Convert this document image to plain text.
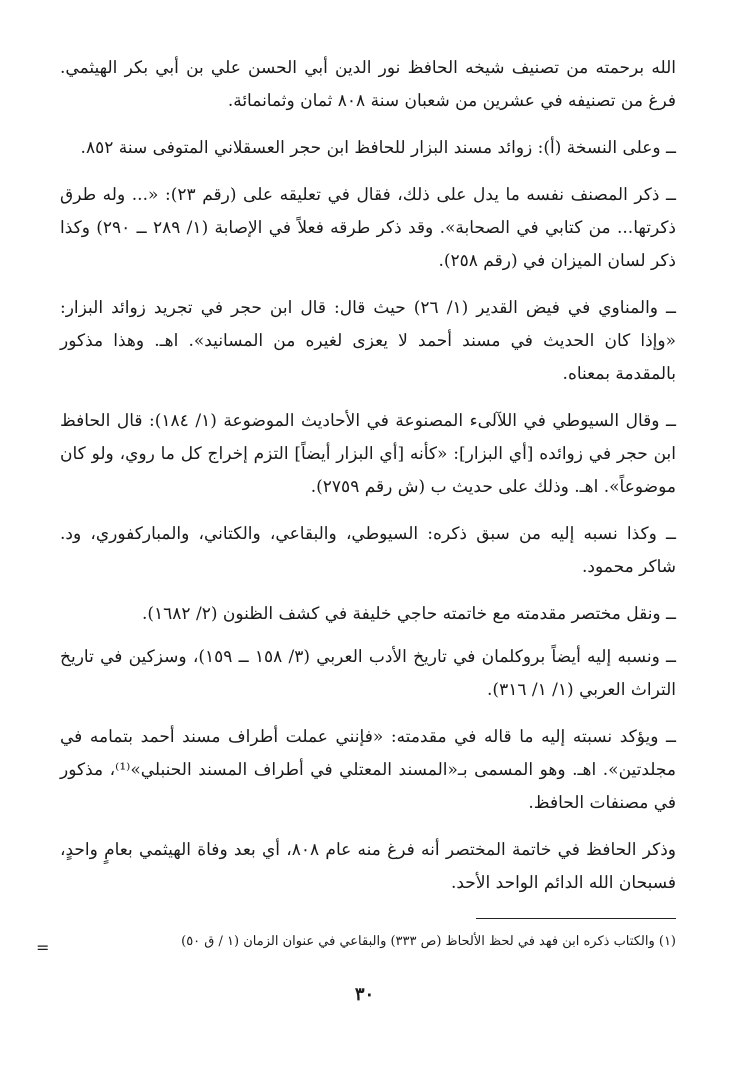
الله برحمته من تصنيف شيخه الحافظ نور الدين أبي الحسن علي بن أبي بكر الهيثمي. فرغ من تصنيفه في عشرين من شعبان سنة ٨٠٨ ثمان وثمانمائة.

ــ وعلى النسخة (أ): زوائد مسند البزار للحافظ ابن حجر العسقلاني المتوفى سنة ٨٥٢.

ــ ذكر المصنف نفسه ما يدل على ذلك، فقال في تعليقه على (رقم ٢٣): «... وله طرق ذكرتها... من كتابي في الصحابة». وقد ذكر طرقه فعلاً في الإصابة (١/ ٢٨٩ ــ ٢٩٠) وكذا ذكر لسان الميزان في (رقم ٢٥٨).

ــ والمناوي في فيض القدير (١/ ٢٦) حيث قال: قال ابن حجر في تجريد زوائد البزار: «وإذا كان الحديث في مسند أحمد لا يعزى لغيره من المسانيد». اهـ. وهذا مذكور بالمقدمة بمعناه.

ــ وقال السيوطي في اللآلىء المصنوعة في الأحاديث الموضوعة (١/ ١٨٤): قال الحافظ ابن حجر في زوائده [أي البزار]: «كأنه [أي البزار أيضاً] التزم إخراج كل ما روي، ولو كان موضوعاً». اهـ. وذلك على حديث ب (ش رقم ٢٧٥٩).

ــ وكذا نسبه إليه من سبق ذكره: السيوطي، والبقاعي، والكتاني، والمباركفوري، ود. شاكر محمود.

ــ ونقل مختصر مقدمته مع خاتمته حاجي خليفة في كشف الظنون (٢/ ١٦٨٢).

ــ ونسبه إليه أيضاً بروكلمان في تاريخ الأدب العربي (٣/ ١٥٨ ــ ١٥٩)، وسزكين في تاريخ التراث العربي (١/ ١/ ٣١٦).

ــ ويؤكد نسبته إليه ما قاله في مقدمته: «فإنني عملت أطراف مسند أحمد بتمامه في مجلدتين». اهـ. وهو المسمى بـ«المسند المعتلي في أطراف المسند الحنبلي»⁽¹⁾، مذكور في مصنفات الحافظ.

وذكر الحافظ في خاتمة المختصر أنه فرغ منه عام ٨٠٨، أي بعد وفاة الهيثمي بعامٍ واحدٍ، فسبحان الله الدائم الواحد الأحد.

(١) والكتاب ذكره ابن فهد في لحظ الألحاظ (ص ٣٣٣) والبقاعي في عنوان الزمان (١ / ق ٥٠)
=
٣٠
